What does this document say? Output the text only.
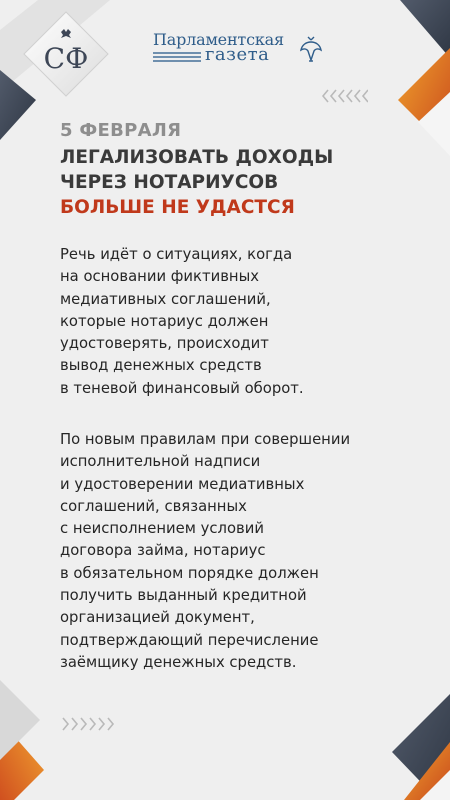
СФ
Парламентская
газета
5 ФЕВРАЛЯ
ЛЕГАЛИЗОВАТЬ ДОХОДЫ
ЧЕРЕЗ НОТАРИУСОВ
БОЛЬШЕ НЕ УДАСТСЯ
Речь идёт о ситуациях, когда
на основании фиктивных
медиативных соглашений,
которые нотариус должен
удостоверять, происходит
вывод денежных средств
в теневой финансовый оборот.
По новым правилам при совершении
исполнительной надписи
и удостоверении медиативных
соглашений, связанных
с неисполнением условий
договора займа, нотариус
в обязательном порядке должен
получить выданный кредитной
организацией документ,
подтверждающий перечисление
заёмщику денежных средств.
